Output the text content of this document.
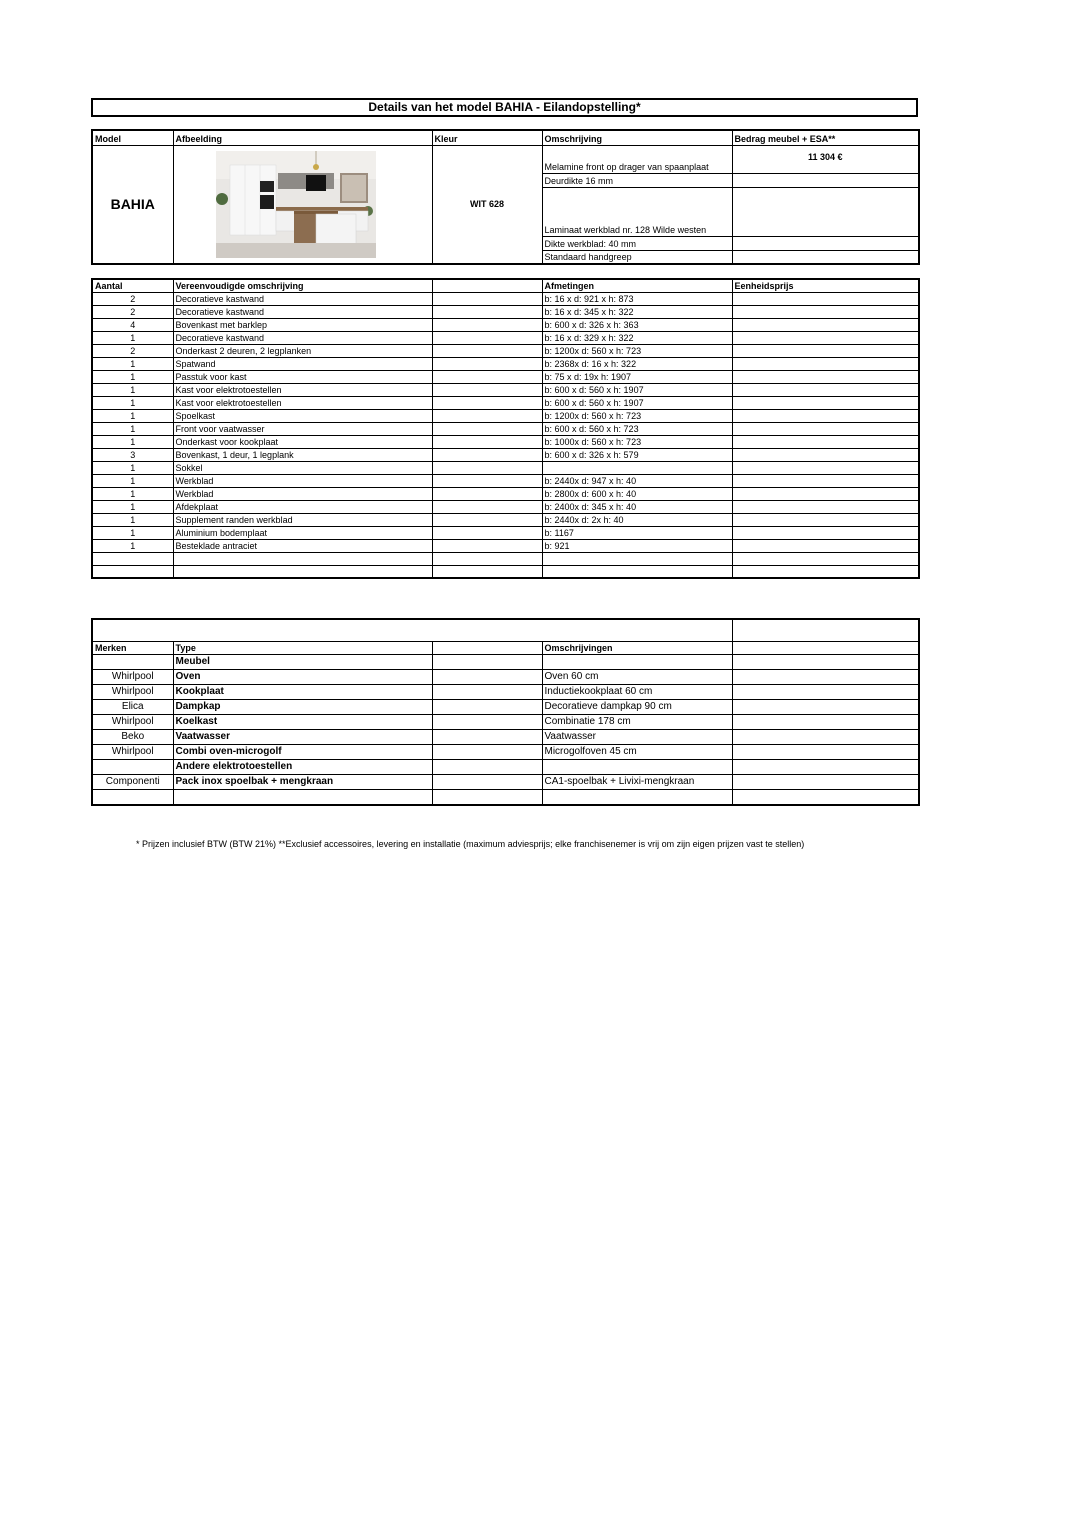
Details van het model BAHIA - Eilandopstelling*
Model	Afbeelding	Kleur	Omschrijving	Bedrag meubel + ESA**
BAHIA		WIT 628	Melamine front op drager van spaanplaat	11 304 €
			Deurdikte 16 mm	
			Laminaat werkblad nr. 128 Wilde westen	
			Dikte werkblad: 40 mm	
			Standaard handgreep	
Aantal	Vereenvoudigde omschrijving		Afmetingen	Eenheidsprijs
2	Decoratieve kastwand		b: 16 x d: 921 x h: 873	
2	Decoratieve kastwand		b: 16 x d: 345 x h: 322	
4	Bovenkast met barklep		b: 600 x d: 326 x h: 363	
1	Decoratieve kastwand		b: 16 x d: 329 x h: 322	
2	Onderkast 2 deuren, 2 legplanken		b: 1200x d: 560 x h: 723	
1	Spatwand		b: 2368x d: 16 x h: 322	
1	Passtuk voor kast		b: 75 x d: 19x h: 1907	
1	Kast voor elektrotoestellen		b: 600 x d: 560 x h: 1907	
1	Kast voor elektrotoestellen		b: 600 x d: 560 x h: 1907	
1	Spoelkast		b: 1200x d: 560 x h: 723	
1	Front voor vaatwasser		b: 600 x d: 560 x h: 723	
1	Onderkast voor kookplaat		b: 1000x d: 560 x h: 723	
3	Bovenkast, 1 deur, 1 legplank		b: 600 x d: 326 x h: 579	
1	Sokkel			
1	Werkblad		b: 2440x d: 947 x h: 40	
1	Werkblad		b: 2800x d: 600 x h: 40	
1	Afdekplaat		b: 2400x d: 345 x h: 40	
1	Supplement randen werkblad		b: 2440x d: 2x h: 40	
1	Aluminium bodemplaat		b: 1167	
1	Besteklade antraciet		b: 921	

Merken	Type		Omschrijvingen	
	Meubel			
Whirlpool	Oven		Oven 60 cm	
Whirlpool	Kookplaat		Inductiekookplaat 60 cm	
Elica	Dampkap		Decoratieve dampkap 90 cm	
Whirlpool	Koelkast		Combinatie 178 cm	
Beko	Vaatwasser		Vaatwasser	
Whirlpool	Combi oven-microgolf		Microgolfoven 45 cm	
	Andere elektrotoestellen			
Componenti	Pack inox spoelbak + mengkraan		CA1-spoelbak + Livixi-mengkraan	

* Prijzen inclusief BTW (BTW 21%) **Exclusief accessoires, levering en installatie (maximum adviesprijs; elke franchisenemer is vrij om zijn eigen prijzen vast te stellen)
